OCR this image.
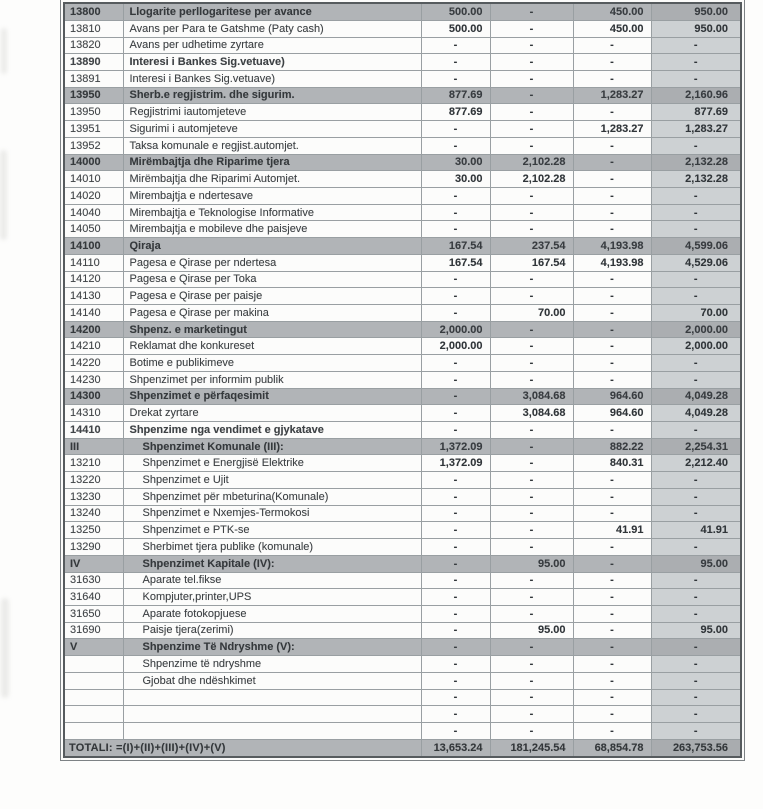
13800	Llogarite perllogaritese per avance	500.00	-	450.00	950.00
13810	Avans per Para te Gatshme (Paty cash)	500.00	-	450.00	950.00
13820	Avans per udhetime zyrtare	-	-	-	-
13890	Interesi i Bankes Sig.vetuave)	-	-	-	-
13891	Interesi i Bankes Sig.vetuave)	-	-	-	-
13950	Sherb.e regjistrim. dhe sigurim.	877.69	-	1,283.27	2,160.96
13950	Regjistrimi iautomjeteve	877.69	-	-	877.69
13951	Sigurimi i automjeteve	-	-	1,283.27	1,283.27
13952	Taksa komunale e regjist.automjet.	-	-	-	-
14000	Mirëmbajtja dhe Riparime tjera	30.00	2,102.28	-	2,132.28
14010	Mirëmbajtja dhe Riparimi Automjet.	30.00	2,102.28	-	2,132.28
14020	Mirembajtja e ndertesave	-	-	-	-
14040	Mirembajtja e Teknologise Informative	-	-	-	-
14050	Mirembajtja e mobileve dhe paisjeve	-	-	-	-
14100	Qiraja	167.54	237.54	4,193.98	4,599.06
14110	Pagesa e Qirase per ndertesa	167.54	167.54	4,193.98	4,529.06
14120	Pagesa e Qirase per Toka	-	-	-	-
14130	Pagesa e Qirase per paisje	-	-	-	-
14140	Pagesa e Qirase per makina	-	70.00	-	70.00
14200	Shpenz. e marketingut	2,000.00	-	-	2,000.00
14210	Reklamat dhe konkureset	2,000.00	-	-	2,000.00
14220	Botime e publikimeve	-	-	-	-
14230	Shpenzimet per informim publik	-	-	-	-
14300	Shpenzimet e përfaqesimit	-	3,084.68	964.60	4,049.28
14310	Drekat zyrtare	-	3,084.68	964.60	4,049.28
14410	Shpenzime nga vendimet e gjykatave	-	-	-	-
III	Shpenzimet Komunale (III):	1,372.09	-	882.22	2,254.31
13210	Shpenzimet e Energjisë Elektrike	1,372.09	-	840.31	2,212.40
13220	Shpenzimet e Ujit	-	-	-	-
13230	Shpenzimet për mbeturina(Komunale)	-	-	-	-
13240	Shpenzimet e Nxemjes-Termokosi	-	-	-	-
13250	Shpenzimet e PTK-se	-	-	41.91	41.91
13290	Sherbimet tjera publike (komunale)	-	-	-	-
IV	Shpenzimet Kapitale (IV):	-	95.00	-	95.00
31630	Aparate tel.fikse	-	-	-	-
31640	Kompjuter,printer,UPS	-	-	-	-
31650	Aparate fotokopjuese	-	-	-	-
31690	Paisje tjera(zerimi)	-	95.00	-	95.00
V	Shpenzime Të Ndryshme (V):	-	-	-	-
	Shpenzime të ndryshme	-	-	-	-
	Gjobat dhe ndëshkimet	-	-	-	-
		-	-	-	-
		-	-	-	-
		-	-	-	-
TOTALI: =(I)+(II)+(III)+(IV)+(V)		13,653.24	181,245.54	68,854.78	263,753.56
